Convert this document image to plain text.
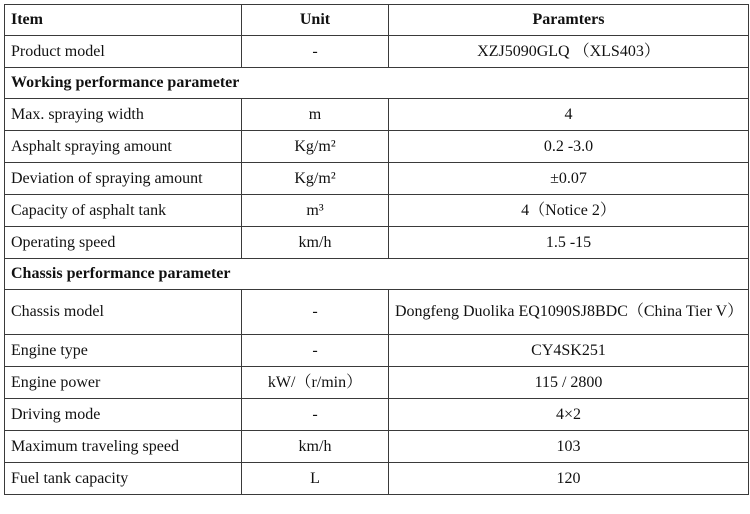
Item	Unit	Paramters
Product model	-	XZJ5090GLQ （XLS403）
Working performance parameter		
Max. spraying width	m	4
Asphalt spraying amount	Kg/m²	0.2 -3.0
Deviation of spraying amount	Kg/m²	±0.07
Capacity of asphalt tank	m³	4（Notice 2）
Operating speed	km/h	1.5 -15
Chassis performance parameter		
Chassis model	-	Dongfeng Duolika EQ1090SJ8BDC（China Tier V）
Engine type	-	CY4SK251
Engine power	kW/（r/min）	115 / 2800
Driving mode	-	4×2
Maximum traveling speed	km/h	103
Fuel tank capacity	L	120
